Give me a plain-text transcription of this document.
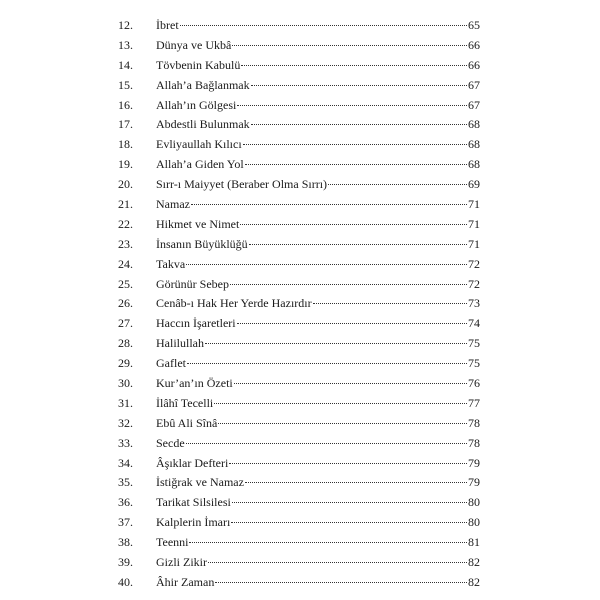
12.	İbret	65
13.	Dünya ve Ukbâ	66
14.	Tövbenin Kabulü	66
15.	Allah’a Bağlanmak	67
16.	Allah’ın Gölgesi	67
17.	Abdestli Bulunmak	68
18.	Evliyaullah Kılıcı	68
19.	Allah’a Giden Yol	68
20.	Sırr-ı Maiyyet (Beraber Olma Sırrı)	69
21.	Namaz	71
22.	Hikmet ve Nimet	71
23.	İnsanın Büyüklüğü	71
24.	Takva	72
25.	Görünür Sebep	72
26.	Cenâb-ı Hak Her Yerde Hazırdır	73
27.	Haccın İşaretleri	74
28.	Halilullah	75
29.	Gaflet	75
30.	Kur’an’ın Özeti	76
31.	İlâhî Tecelli	77
32.	Ebû Ali Sînâ	78
33.	Secde	78
34.	Âşıklar Defteri	79
35.	İstiğrak ve Namaz	79
36.	Tarikat Silsilesi	80
37.	Kalplerin İmarı	80
38.	Teenni	81
39.	Gizli Zikir	82
40.	Âhir Zaman	82
